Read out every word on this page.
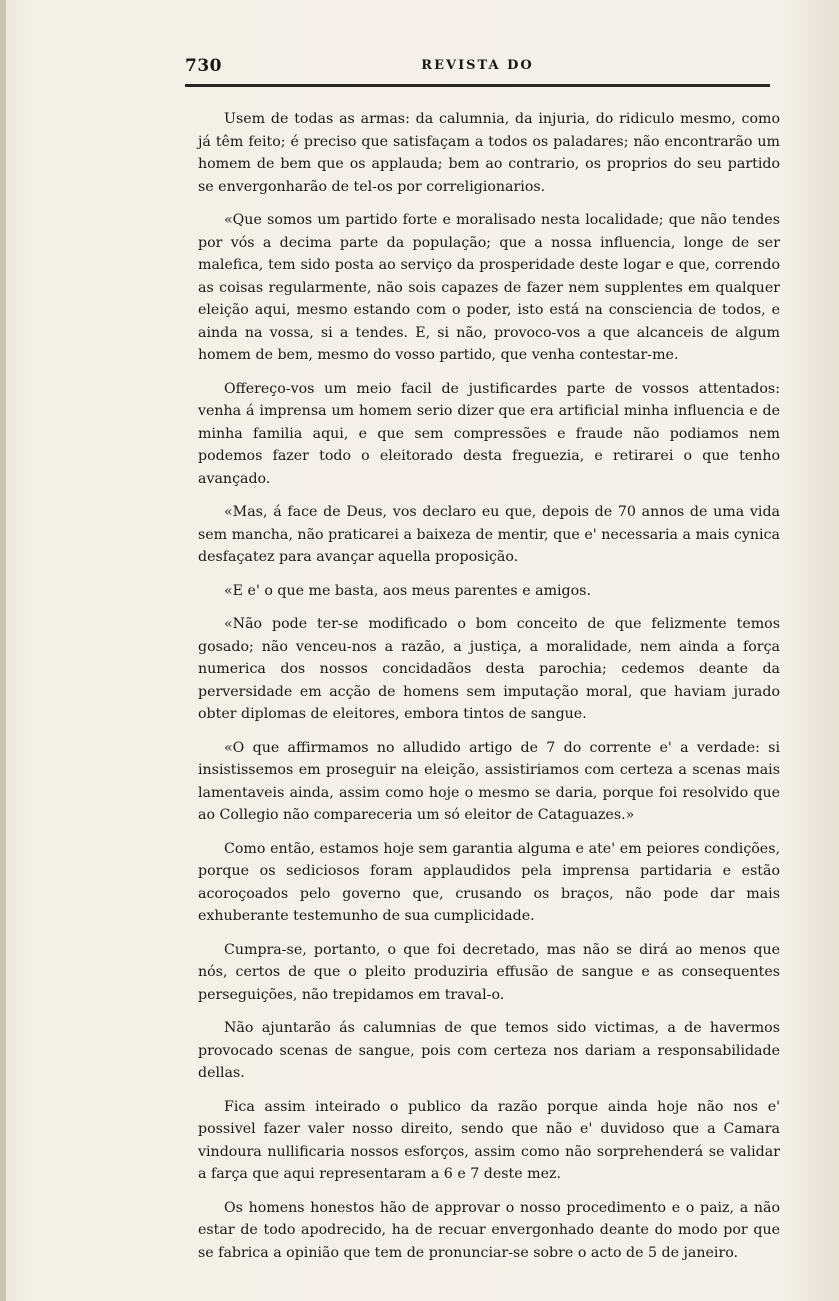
730	REVISTA DO

Usem de todas as armas: da calumnia, da injuria, do ridiculo mesmo, como já têm feito; é preciso que satisfaçam a todos os paladares; não encontrarão um homem de bem que os applauda; bem ao contrario, os proprios do seu partido se envergonharão de tel-os por correligionarios.

«Que somos um partido forte e moralisado nesta localidade; que não tendes por vós a decima parte da população; que a nossa influencia, longe de ser malefica, tem sido posta ao serviço da prosperidade deste logar e que, correndo as coisas regularmente, não sois capazes de fazer nem supplentes em qualquer eleição aqui, mesmo estando com o poder, isto está na consciencia de todos, e ainda na vossa, si a tendes. E, si não, provoco-vos a que alcanceis de algum homem de bem, mesmo do vosso partido, que venha contestar-me.

Offereço-vos um meio facil de justificardes parte de vossos attentados: venha á imprensa um homem serio dizer que era artificial minha influencia e de minha familia aqui, e que sem compressões e fraude não podiamos nem podemos fazer todo o eleitorado desta freguezia, e retirarei o que tenho avançado.

«Mas, á face de Deus, vos declaro eu que, depois de 70 annos de uma vida sem mancha, não praticarei a baixeza de mentir, que e' necessaria a mais cynica desfaçatez para avançar aquella proposição.

«E e' o que me basta, aos meus parentes e amigos.

«Não pode ter-se modificado o bom conceito de que felizmente temos gosado; não venceu-nos a razão, a justiça, a moralidade, nem ainda a força numerica dos nossos concidadãos desta parochia; cedemos deante da perversidade em acção de homens sem imputação moral, que haviam jurado obter diplomas de eleitores, embora tintos de sangue.

«O que affirmamos no alludido artigo de 7 do corrente e' a verdade: si insistissemos em proseguir na eleição, assistiriamos com certeza a scenas mais lamentaveis ainda, assim como hoje o mesmo se daria, porque foi resolvido que ao Collegio não compareceria um só eleitor de Cataguazes.»

Como então, estamos hoje sem garantia alguma e ate' em peiores condições, porque os sediciosos foram applaudidos pela imprensa partidaria e estão acoroçoados pelo governo que, crusando os braços, não pode dar mais exhuberante testemunho de sua cumplicidade.

Cumpra-se, portanto, o que foi decretado, mas não se dirá ao menos que nós, certos de que o pleito produziria effusão de sangue e as consequentes perseguições, não trepidamos em traval-o.

Não ajuntarão ás calumnias de que temos sido victimas, a de havermos provocado scenas de sangue, pois com certeza nos dariam a responsabilidade dellas.

Fica assim inteirado o publico da razão porque ainda hoje não nos e' possivel fazer valer nosso direito, sendo que não e' duvidoso que a Camara vindoura nullificaria nossos esforços, assim como não sorprehenderá se validar a farça que aqui representaram a 6 e 7 deste mez.

Os homens honestos hão de approvar o nosso procedimento e o paiz, a não estar de todo apodrecido, ha de recuar envergonhado deante do modo por que se fabrica a opinião que tem de pronunciar-se sobre o acto de 5 de janeiro.
